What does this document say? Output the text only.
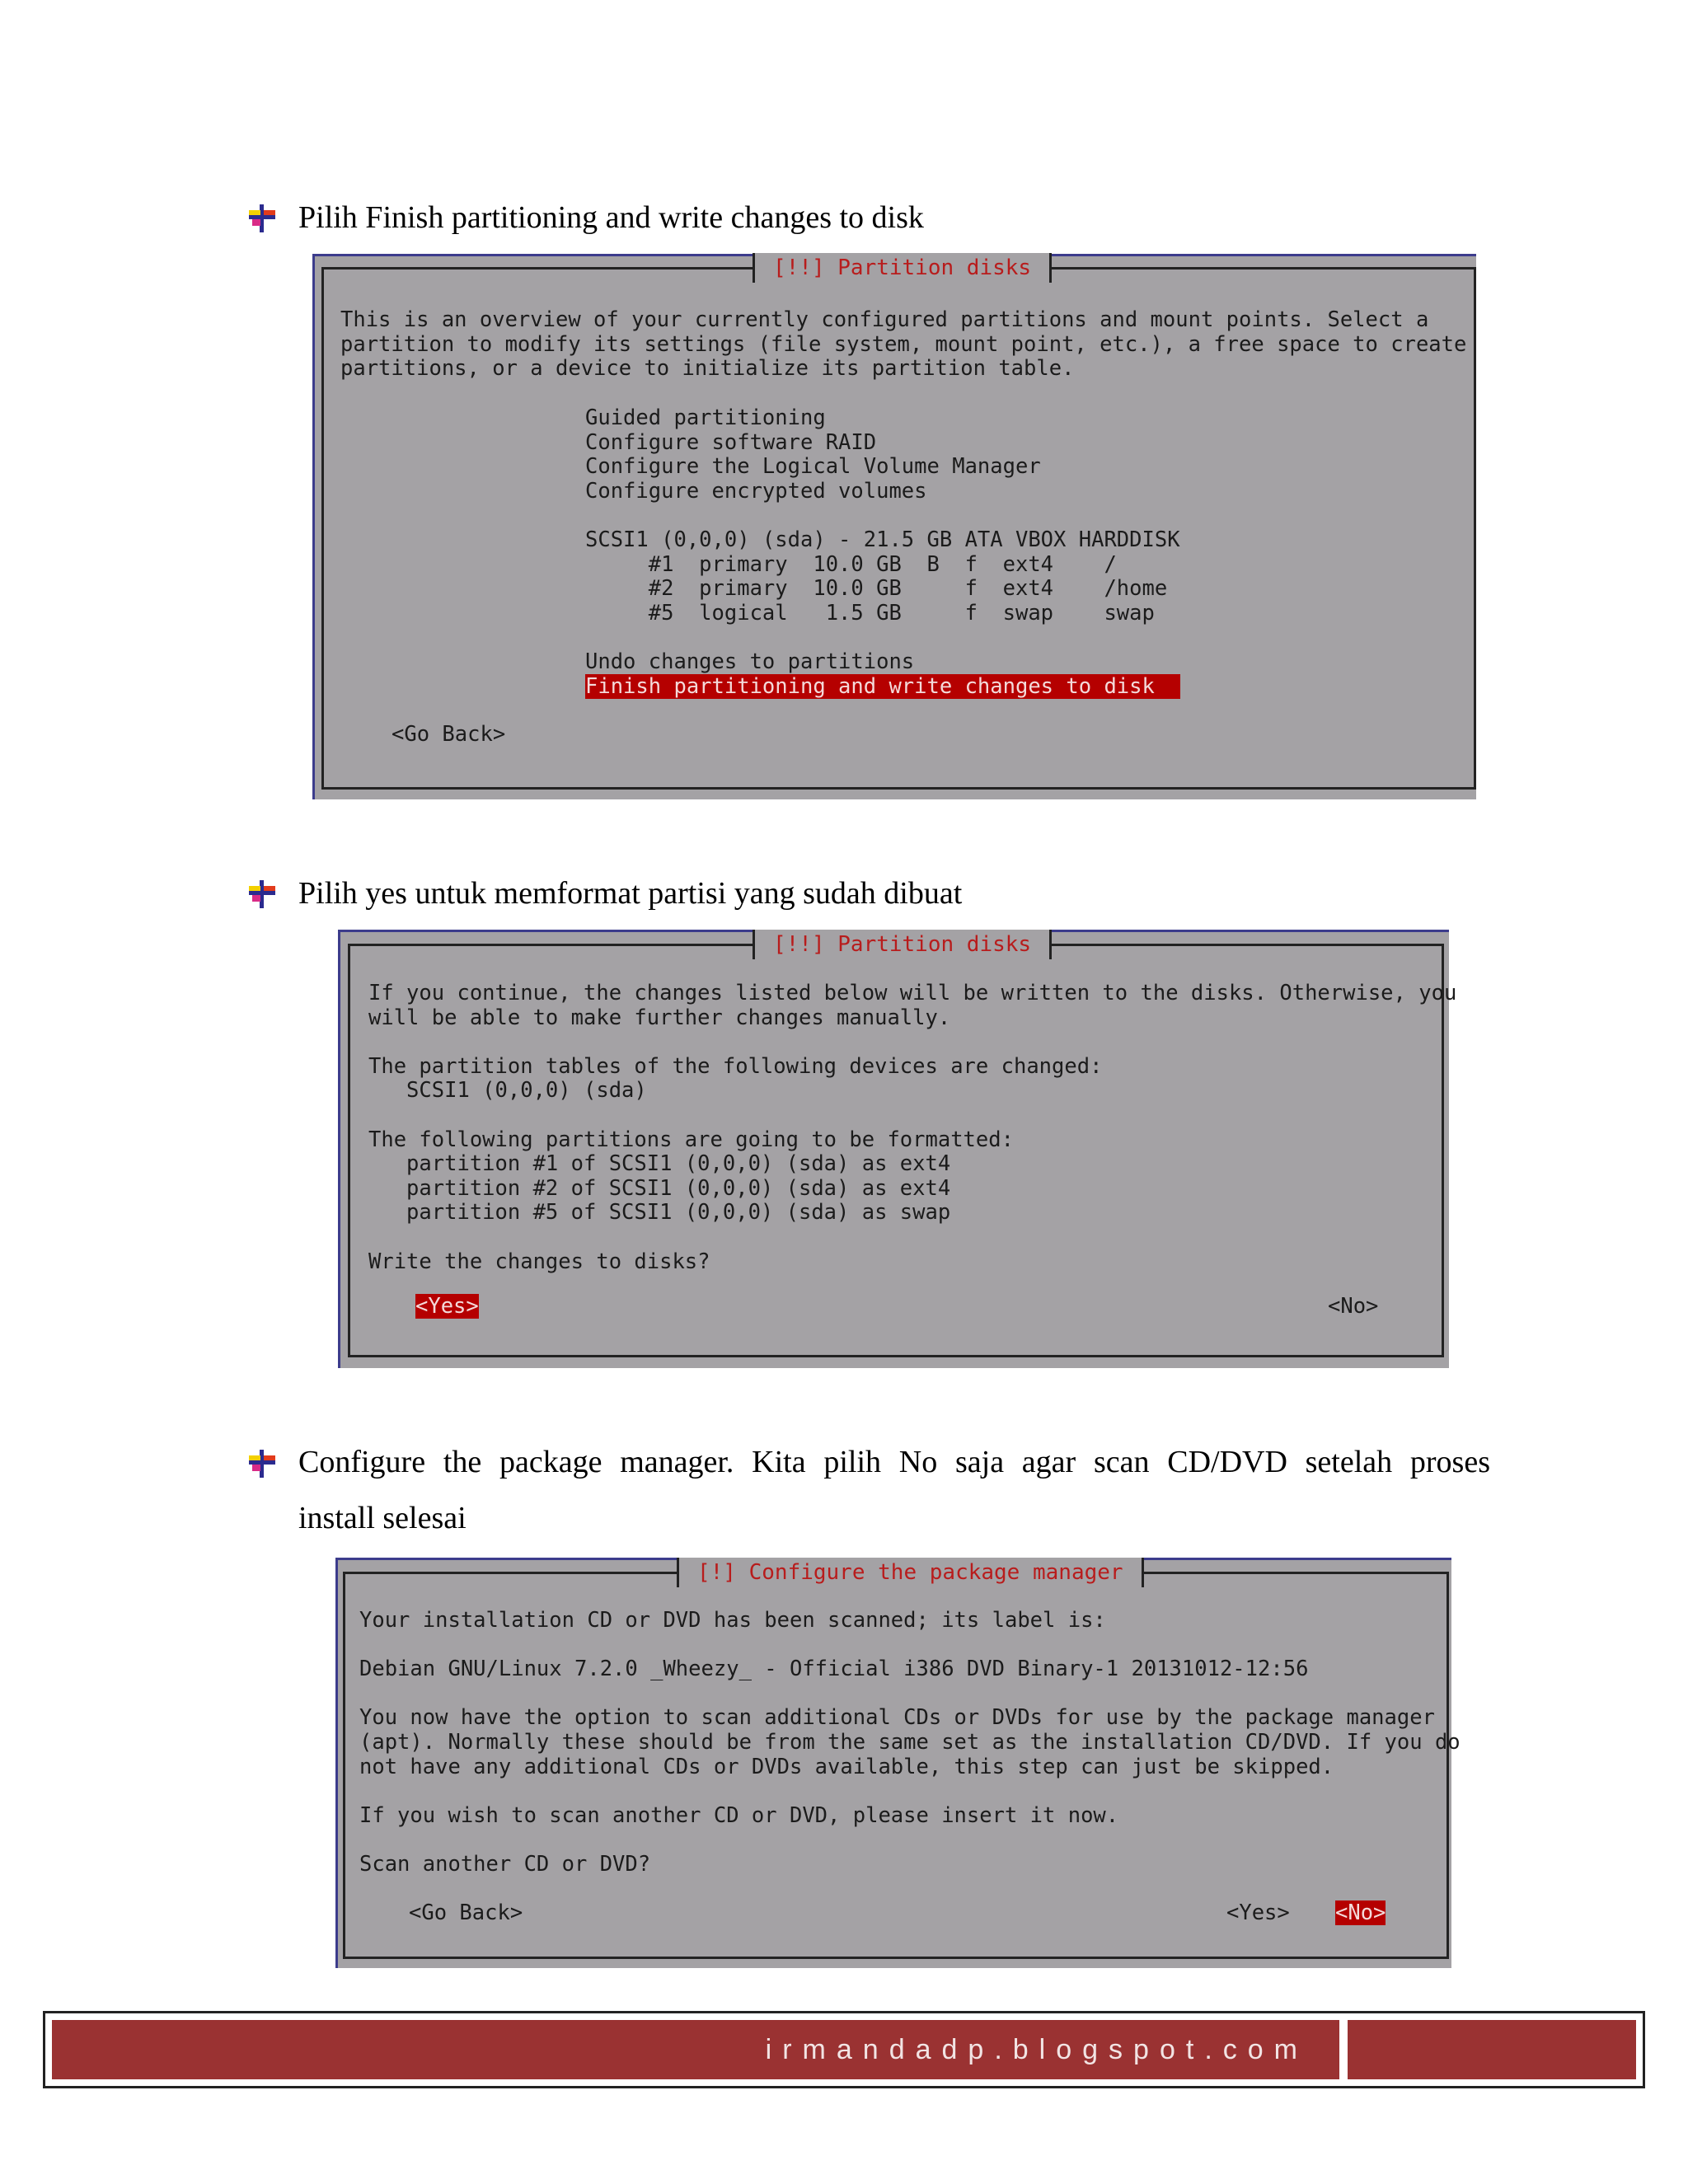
Pilih Finish partitioning and write changes to disk
[!!] Partition disks
This is an overview of your currently configured partitions and mount points. Select a
partition to modify its settings (file system, mount point, etc.), a free space to create
partitions, or a device to initialize its partition table.
Guided partitioning
Configure software RAID
Configure the Logical Volume Manager
Configure encrypted volumes

SCSI1 (0,0,0) (sda) - 21.5 GB ATA VBOX HARDDISK
#1  primary  10.0 GB  B  f  ext4    /
#2  primary  10.0 GB     f  ext4    /home
#5  logical   1.5 GB     f  swap    swap

Undo changes to partitions
Finish partitioning and write changes to disk
<Go Back>
Pilih yes untuk memformat partisi yang sudah dibuat
[!!] Partition disks
If you continue, the changes listed below will be written to the disks. Otherwise, you
will be able to make further changes manually.

The partition tables of the following devices are changed:
SCSI1 (0,0,0) (sda)

The following partitions are going to be formatted:
partition #1 of SCSI1 (0,0,0) (sda) as ext4
partition #2 of SCSI1 (0,0,0) (sda) as ext4
partition #5 of SCSI1 (0,0,0) (sda) as swap

Write the changes to disks?
<Yes>	<No>
Configure the package manager. Kita pilih No saja agar scan CD/DVD setelah proses
install selesai
[!] Configure the package manager
Your installation CD or DVD has been scanned; its label is:

Debian GNU/Linux 7.2.0 _Wheezy_ - Official i386 DVD Binary-1 20131012-12:56

You now have the option to scan additional CDs or DVDs for use by the package manager
(apt). Normally these should be from the same set as the installation CD/DVD. If you do
not have any additional CDs or DVDs available, this step can just be skipped.

If you wish to scan another CD or DVD, please insert it now.

Scan another CD or DVD?
<Go Back>	<Yes> <No>
irmandadp.blogspot.com
